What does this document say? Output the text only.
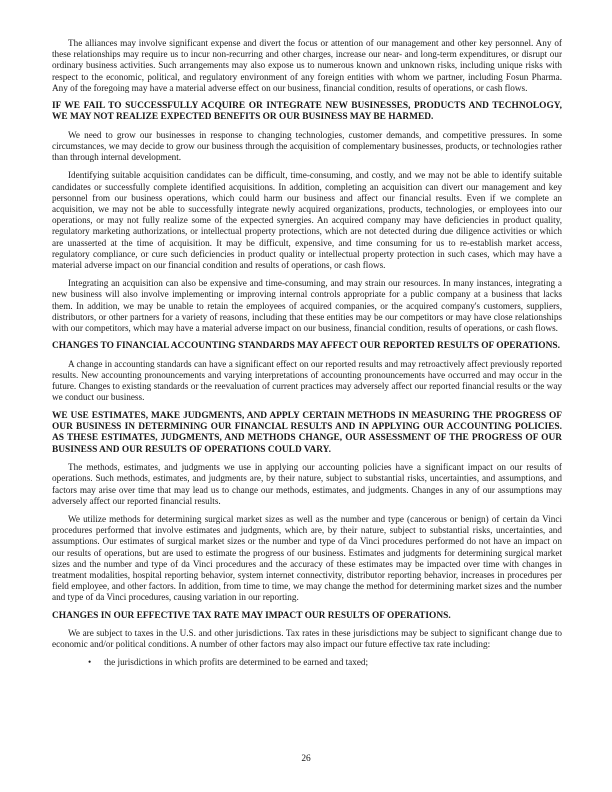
The alliances may involve significant expense and divert the focus or attention of our management and other key personnel. Any of these relationships may require us to incur non-recurring and other charges, increase our near- and long-term expenditures, or disrupt our ordinary business activities. Such arrangements may also expose us to numerous known and unknown risks, including unique risks with respect to the economic, political, and regulatory environment of any foreign entities with whom we partner, including Fosun Pharma. Any of the foregoing may have a material adverse effect on our business, financial condition, results of operations, or cash flows.

IF WE FAIL TO SUCCESSFULLY ACQUIRE OR INTEGRATE NEW BUSINESSES, PRODUCTS AND TECHNOLOGY, WE MAY NOT REALIZE EXPECTED BENEFITS OR OUR BUSINESS MAY BE HARMED.

We need to grow our businesses in response to changing technologies, customer demands, and competitive pressures. In some circumstances, we may decide to grow our business through the acquisition of complementary businesses, products, or technologies rather than through internal development.

Identifying suitable acquisition candidates can be difficult, time-consuming, and costly, and we may not be able to identify suitable candidates or successfully complete identified acquisitions. In addition, completing an acquisition can divert our management and key personnel from our business operations, which could harm our business and affect our financial results. Even if we complete an acquisition, we may not be able to successfully integrate newly acquired organizations, products, technologies, or employees into our operations, or may not fully realize some of the expected synergies. An acquired company may have deficiencies in product quality, regulatory marketing authorizations, or intellectual property protections, which are not detected during due diligence activities or which are unasserted at the time of acquisition. It may be difficult, expensive, and time consuming for us to re-establish market access, regulatory compliance, or cure such deficiencies in product quality or intellectual property protection in such cases, which may have a material adverse impact on our financial condition and results of operations, or cash flows.

Integrating an acquisition can also be expensive and time-consuming, and may strain our resources. In many instances, integrating a new business will also involve implementing or improving internal controls appropriate for a public company at a business that lacks them. In addition, we may be unable to retain the employees of acquired companies, or the acquired company's customers, suppliers, distributors, or other partners for a variety of reasons, including that these entities may be our competitors or may have close relationships with our competitors, which may have a material adverse impact on our business, financial condition, results of operations, or cash flows.

CHANGES TO FINANCIAL ACCOUNTING STANDARDS MAY AFFECT OUR REPORTED RESULTS OF OPERATIONS.

A change in accounting standards can have a significant effect on our reported results and may retroactively affect previously reported results. New accounting pronouncements and varying interpretations of accounting pronouncements have occurred and may occur in the future. Changes to existing standards or the reevaluation of current practices may adversely affect our reported financial results or the way we conduct our business.

WE USE ESTIMATES, MAKE JUDGMENTS, AND APPLY CERTAIN METHODS IN MEASURING THE PROGRESS OF OUR BUSINESS IN DETERMINING OUR FINANCIAL RESULTS AND IN APPLYING OUR ACCOUNTING POLICIES. AS THESE ESTIMATES, JUDGMENTS, AND METHODS CHANGE, OUR ASSESSMENT OF THE PROGRESS OF OUR BUSINESS AND OUR RESULTS OF OPERATIONS COULD VARY.

The methods, estimates, and judgments we use in applying our accounting policies have a significant impact on our results of operations. Such methods, estimates, and judgments are, by their nature, subject to substantial risks, uncertainties, and assumptions, and factors may arise over time that may lead us to change our methods, estimates, and judgments. Changes in any of our assumptions may adversely affect our reported financial results.

We utilize methods for determining surgical market sizes as well as the number and type (cancerous or benign) of certain da Vinci procedures performed that involve estimates and judgments, which are, by their nature, subject to substantial risks, uncertainties, and assumptions. Our estimates of surgical market sizes or the number and type of da Vinci procedures performed do not have an impact on our results of operations, but are used to estimate the progress of our business. Estimates and judgments for determining surgical market sizes and the number and type of da Vinci procedures and the accuracy of these estimates may be impacted over time with changes in treatment modalities, hospital reporting behavior, system internet connectivity, distributor reporting behavior, increases in procedures per field employee, and other factors. In addition, from time to time, we may change the method for determining market sizes and the number and type of da Vinci procedures, causing variation in our reporting.

CHANGES IN OUR EFFECTIVE TAX RATE MAY IMPACT OUR RESULTS OF OPERATIONS.

We are subject to taxes in the U.S. and other jurisdictions. Tax rates in these jurisdictions may be subject to significant change due to economic and/or political conditions. A number of other factors may also impact our future effective tax rate including:

• the jurisdictions in which profits are determined to be earned and taxed;
26
